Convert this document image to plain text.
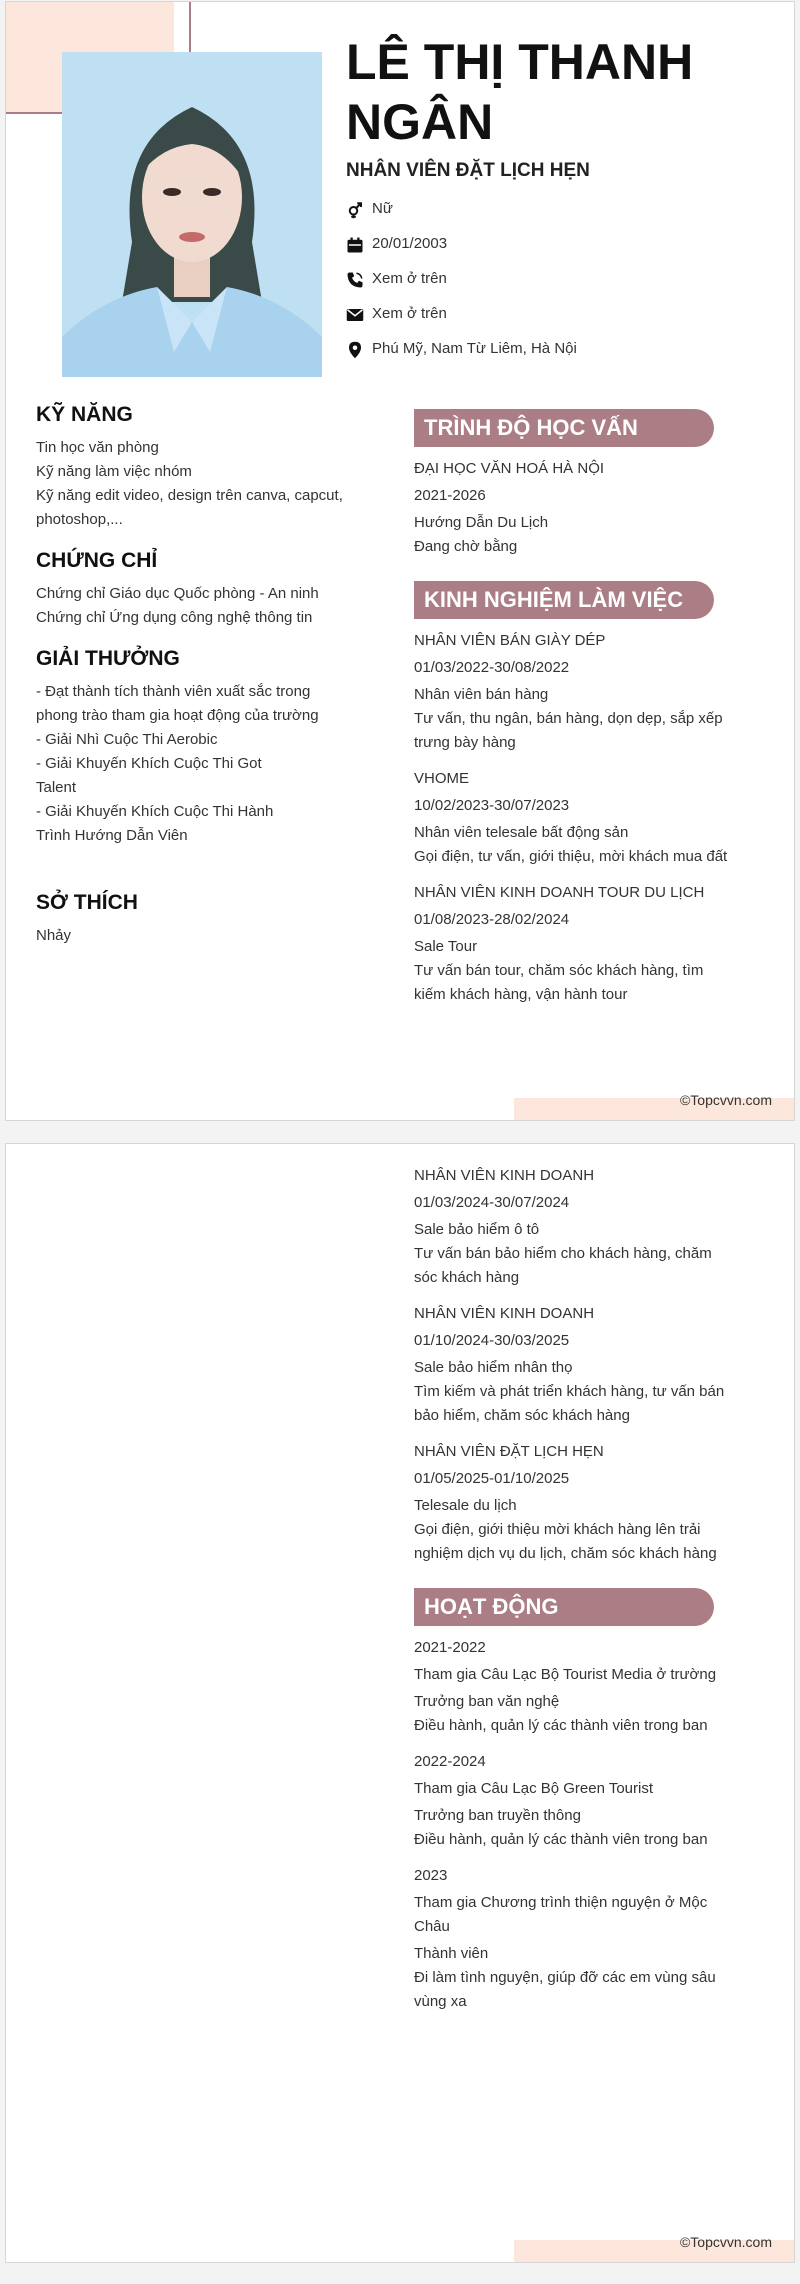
LÊ THỊ THANH NGÂN
NHÂN VIÊN ĐẶT LỊCH HẸN
Nữ
20/01/2003
Xem ở trên
Xem ở trên
Phú Mỹ, Nam Từ Liêm, Hà Nội
KỸ NĂNG
Tin học văn phòng
Kỹ năng làm việc nhóm
Kỹ năng edit video, design trên canva, capcut,
photoshop,...
CHỨNG CHỈ
Chứng chỉ Giáo dục Quốc phòng - An ninh
Chứng chỉ Ứng dụng công nghệ thông tin
GIẢI THƯỞNG
- Đạt thành tích thành viên xuất sắc trong
phong trào tham gia hoạt động của trường
- Giải Nhì Cuộc Thi Aerobic
- Giải Khuyến Khích Cuộc Thi Got
Talent
- Giải Khuyến Khích Cuộc Thi Hành
Trình Hướng Dẫn Viên
SỞ THÍCH
Nhảy
TRÌNH ĐỘ HỌC VẤN
ĐẠI HỌC VĂN HOÁ HÀ NỘI
2021-2026
Hướng Dẫn Du Lịch
Đang chờ bằng
KINH NGHIỆM LÀM VIỆC
NHÂN VIÊN BÁN GIÀY DÉP
01/03/2022-30/08/2022
Nhân viên bán hàng
Tư vấn, thu ngân, bán hàng, dọn dẹp, sắp xếp
trưng bày hàng
VHOME
10/02/2023-30/07/2023
Nhân viên telesale bất động sản
Gọi điện, tư vấn, giới thiệu, mời khách mua đất
NHÂN VIÊN KINH DOANH TOUR DU LỊCH
01/08/2023-28/02/2024
Sale Tour
Tư vấn bán tour, chăm sóc khách hàng, tìm
kiếm khách hàng, vận hành tour
©Topcvvn.com
NHÂN VIÊN KINH DOANH
01/03/2024-30/07/2024
Sale bảo hiểm ô tô
Tư vấn bán bảo hiểm cho khách hàng, chăm
sóc khách hàng
NHÂN VIÊN KINH DOANH
01/10/2024-30/03/2025
Sale bảo hiểm nhân thọ
Tìm kiếm và phát triển khách hàng, tư vấn bán
bảo hiểm, chăm sóc khách hàng
NHÂN VIÊN ĐẶT LỊCH HẸN
01/05/2025-01/10/2025
Telesale du lịch
Gọi điện, giới thiệu mời khách hàng lên trải
nghiệm dịch vụ du lịch, chăm sóc khách hàng
HOẠT ĐỘNG
2021-2022
Tham gia Câu Lạc Bộ Tourist Media ở trường
Trưởng ban văn nghệ
Điều hành, quản lý các thành viên trong ban
2022-2024
Tham gia Câu Lạc Bộ Green Tourist
Trưởng ban truyền thông
Điều hành, quản lý các thành viên trong ban
2023
Tham gia Chương trình thiện nguyện ở Mộc
Châu
Thành viên
Đi làm tình nguyện, giúp đỡ các em vùng sâu
vùng xa
©Topcvvn.com
